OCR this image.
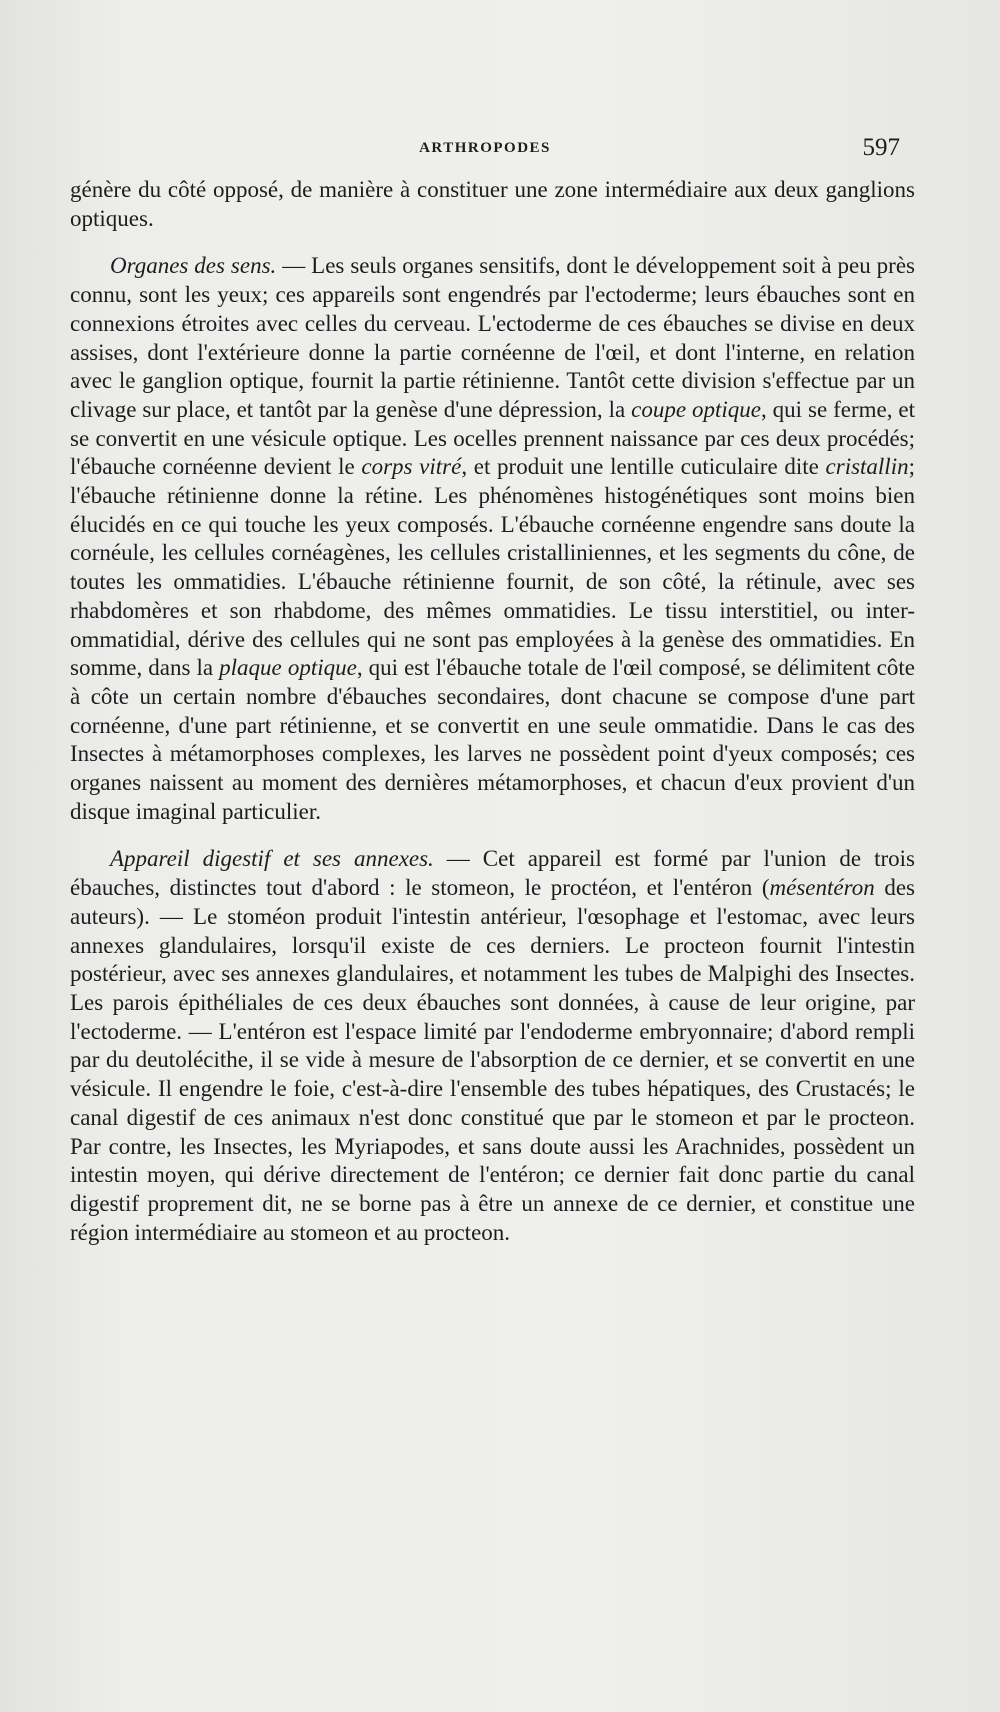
ARTHROPODES	597

génère du côté opposé, de manière à constituer une zone intermédiaire aux deux ganglions optiques.

Organes des sens. — Les seuls organes sensitifs, dont le développement soit à peu près connu, sont les yeux; ces appareils sont engendrés par l'ectoderme; leurs ébauches sont en connexions étroites avec celles du cerveau. L'ectoderme de ces ébauches se divise en deux assises, dont l'extérieure donne la partie cornéenne de l'œil, et dont l'interne, en relation avec le ganglion optique, fournit la partie rétinienne. Tantôt cette division s'effectue par un clivage sur place, et tantôt par la genèse d'une dépression, la coupe optique, qui se ferme, et se convertit en une vésicule optique. Les ocelles prennent naissance par ces deux procédés; l'ébauche cornéenne devient le corps vitré, et produit une lentille cuticulaire dite cristallin; l'ébauche rétinienne donne la rétine. Les phénomènes histogénétiques sont moins bien élucidés en ce qui touche les yeux composés. L'ébauche cornéenne engendre sans doute la cornéule, les cellules cornéagènes, les cellules cristalliniennes, et les segments du cône, de toutes les ommatidies. L'ébauche rétinienne fournit, de son côté, la rétinule, avec ses rhabdomères et son rhabdome, des mêmes ommatidies. Le tissu interstitiel, ou inter-ommatidial, dérive des cellules qui ne sont pas employées à la genèse des ommatidies. En somme, dans la plaque optique, qui est l'ébauche totale de l'œil composé, se délimitent côte à côte un certain nombre d'ébauches secondaires, dont chacune se compose d'une part cornéenne, d'une part rétinienne, et se convertit en une seule ommatidie. Dans le cas des Insectes à métamorphoses complexes, les larves ne possèdent point d'yeux composés; ces organes naissent au moment des dernières métamorphoses, et chacun d'eux provient d'un disque imaginal particulier.

Appareil digestif et ses annexes. — Cet appareil est formé par l'union de trois ébauches, distinctes tout d'abord : le stomeon, le proctéon, et l'entéron (mésentéron des auteurs). — Le stoméon produit l'intestin antérieur, l'œsophage et l'estomac, avec leurs annexes glandulaires, lorsqu'il existe de ces derniers. Le procteon fournit l'intestin postérieur, avec ses annexes glandulaires, et notamment les tubes de Malpighi des Insectes. Les parois épithéliales de ces deux ébauches sont données, à cause de leur origine, par l'ectoderme. — L'entéron est l'espace limité par l'endoderme embryonnaire; d'abord rempli par du deutolécithe, il se vide à mesure de l'absorption de ce dernier, et se convertit en une vésicule. Il engendre le foie, c'est-à-dire l'ensemble des tubes hépatiques, des Crustacés; le canal digestif de ces animaux n'est donc constitué que par le stomeon et par le procteon. Par contre, les Insectes, les Myriapodes, et sans doute aussi les Arachnides, possèdent un intestin moyen, qui dérive directement de l'entéron; ce dernier fait donc partie du canal digestif proprement dit, ne se borne pas à être un annexe de ce dernier, et constitue une région intermédiaire au stomeon et au procteon.
